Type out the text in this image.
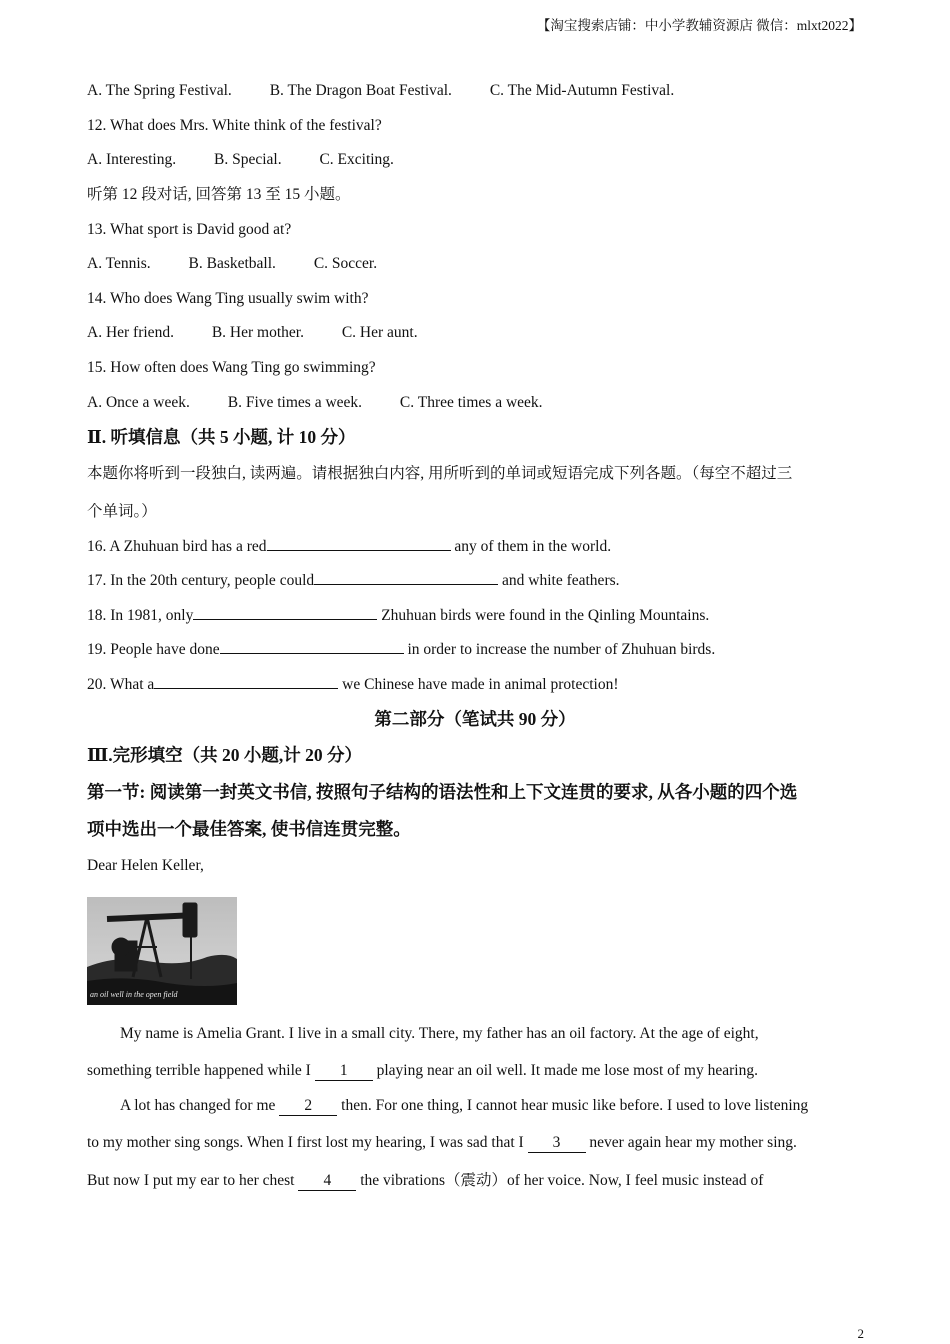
【淘宝搜索店铺：中小学教辅资源店 微信：mlxt2022】
A. The Spring Festival. B. The Dragon Boat Festival. C. The Mid-Autumn Festival.
12. What does Mrs. White think of the festival?
A. Interesting. B. Special. C. Exciting.
听第 12 段对话, 回答第 13 至 15 小题。
13. What sport is David good at?
A. Tennis. B. Basketball. C. Soccer.
14. Who does Wang Ting usually swim with?
A. Her friend. B. Her mother. C. Her aunt.
15. How often does Wang Ting go swimming?
A. Once a week. B. Five times a week. C. Three times a week.
Ⅱ. 听填信息（共 5 小题, 计 10 分）
本题你将听到一段独白, 读两遍。请根据独白内容, 用所听到的单词或短语完成下列各题。（每空不超过三
个单词。）
16. A Zhuhuan bird has a red	any of them in the world.
17. In the 20th century, people could	and white feathers.
18. In 1981, only	Zhuhuan birds were found in the Qinling Mountains.
19. People have done	in order to increase the number of Zhuhuan birds.
20. What a	we Chinese have made in animal protection!
第二部分（笔试共 90 分）
Ⅲ.完形填空（共 20 小题,计 20 分）
第一节: 阅读第一封英文书信, 按照句子结构的语法性和上下文连贯的要求, 从各小题的四个选
项中选出一个最佳答案, 使书信连贯完整。
Dear Helen Keller,
an oil well in the open field
My name is Amelia Grant. I live in a small city. There, my father has an oil factory. At the age of eight,
something terrible happened while I 1 playing near an oil well. It made me lose most of my hearing.
A lot has changed for me 2 then. For one thing, I cannot hear music like before. I used to love listening
to my mother sing songs. When I first lost my hearing, I was sad that I 3 never again hear my mother sing.
But now I put my ear to her chest 4 the vibrations（震动）of her voice. Now, I feel music instead of
2
